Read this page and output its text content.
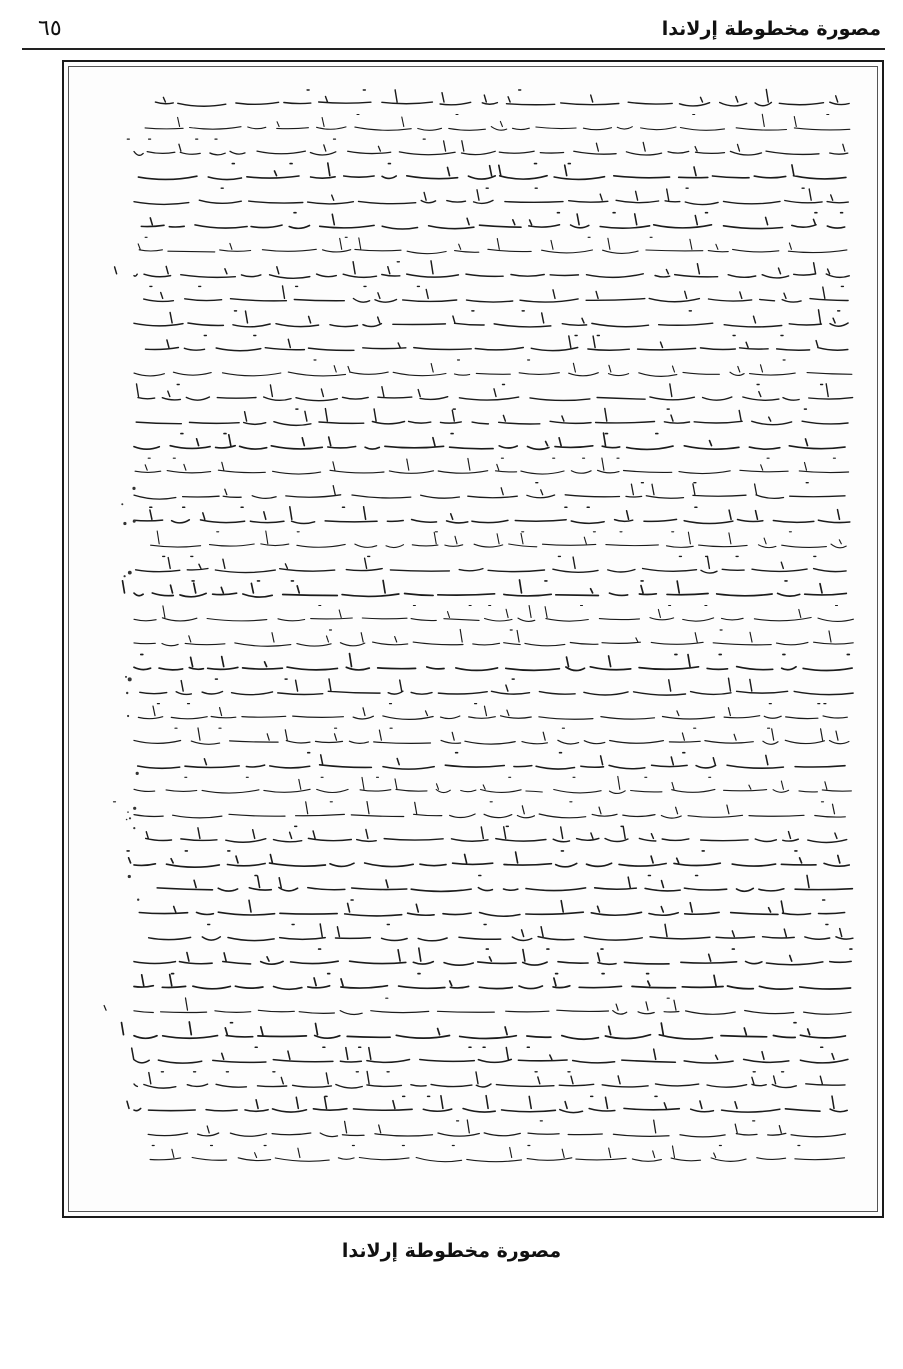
٦٥	مصورة مخطوطة إرلاندا
مصورة مخطوطة إرلاندا
